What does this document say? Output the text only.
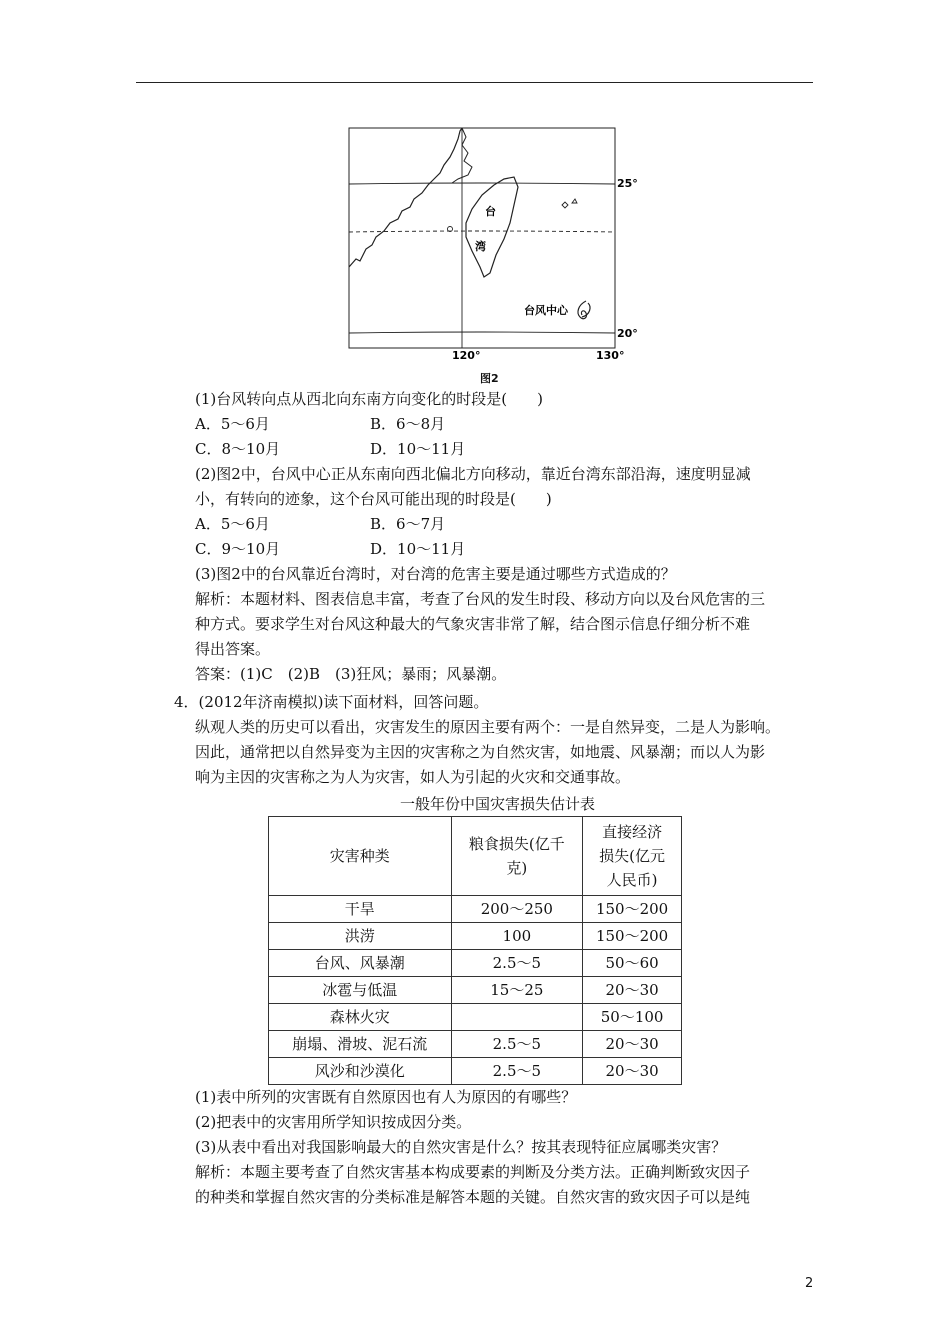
台
湾
台风中心
25°
20°
120°	130°
图2
(1)台风转向点从西北向东南方向变化的时段是(　　)
A．5～6月	B．6～8月
C．8～10月	D．10～11月
(2)图2中，台风中心正从东南向西北偏北方向移动，靠近台湾东部沿海，速度明显减
小，有转向的迹象，这个台风可能出现的时段是(　　)
A．5～6月	B．6～7月
C．9～10月	D．10～11月
(3)图2中的台风靠近台湾时，对台湾的危害主要是通过哪些方式造成的？
解析：本题材料、图表信息丰富，考查了台风的发生时段、移动方向以及台风危害的三
种方式。要求学生对台风这种最大的气象灾害非常了解，结合图示信息仔细分析不难
得出答案。
答案：(1)C　(2)B　(3)狂风；暴雨；风暴潮。
4．(2012年济南模拟)读下面材料，回答问题。
纵观人类的历史可以看出，灾害发生的原因主要有两个：一是自然异变，二是人为影响。
因此，通常把以自然异变为主因的灾害称之为自然灾害，如地震、风暴潮；而以人为影
响为主因的灾害称之为人为灾害，如人为引起的火灾和交通事故。
一般年份中国灾害损失估计表
灾害种类	粮食损失(亿千
克)	直接经济
损失(亿元
人民币)
干旱	200～250	150～200
洪涝	100	150～200
台风、风暴潮	2.5～5	50～60
冰雹与低温	15～25	20～30
森林火灾		50～100
崩塌、滑坡、泥石流	2.5～5	20～30
风沙和沙漠化	2.5～5	20～30
(1)表中所列的灾害既有自然原因也有人为原因的有哪些？
(2)把表中的灾害用所学知识按成因分类。
(3)从表中看出对我国影响最大的自然灾害是什么？按其表现特征应属哪类灾害？
解析：本题主要考查了自然灾害基本构成要素的判断及分类方法。正确判断致灾因子
的种类和掌握自然灾害的分类标准是解答本题的关键。自然灾害的致灾因子可以是纯
2
